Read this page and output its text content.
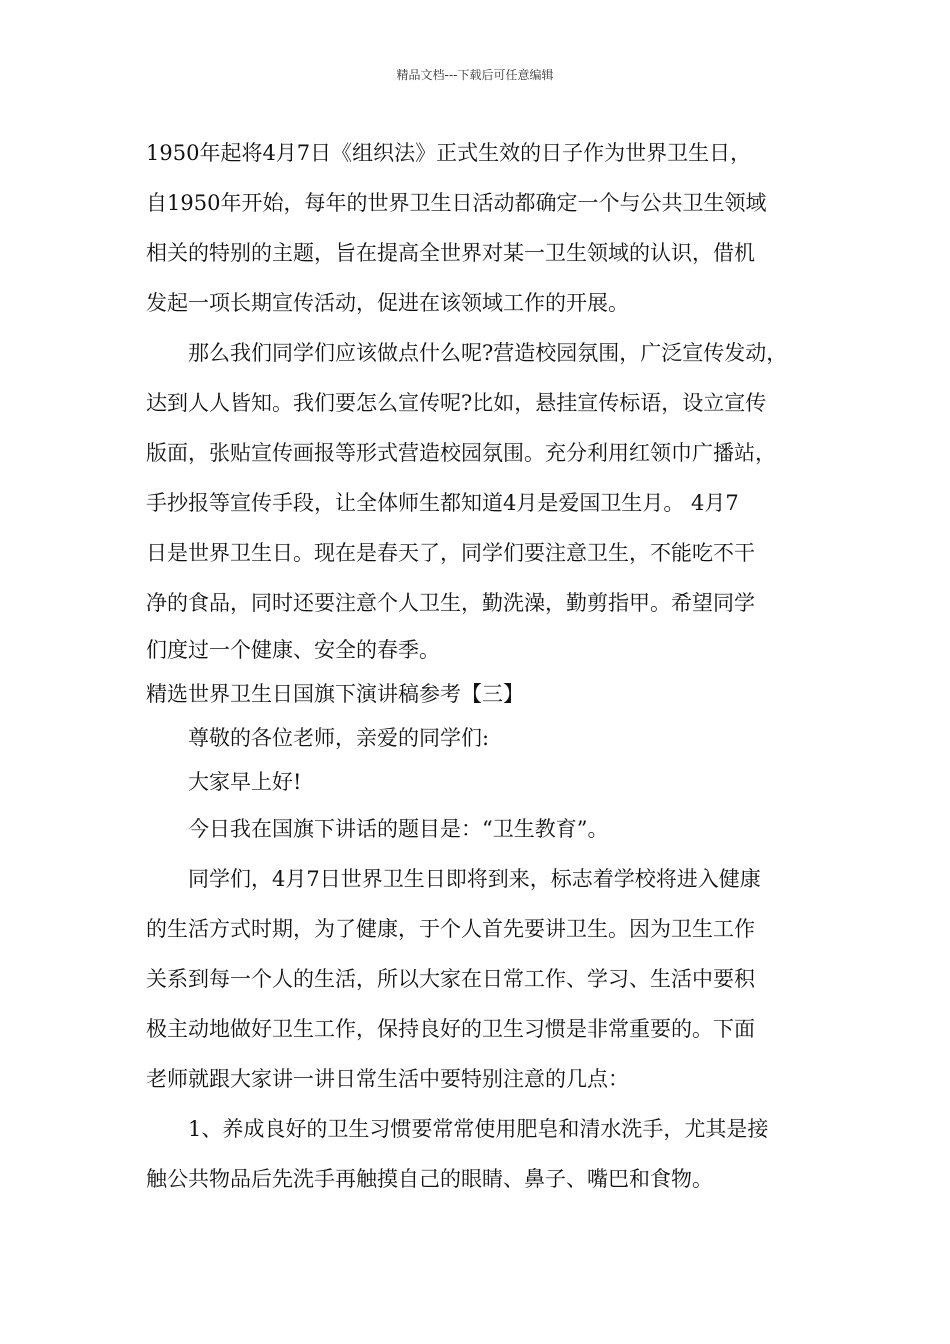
精品文档---下载后可任意编辑
1950年起将4月7日《组织法》正式生效的日子作为世界卫生日，
自1950年开始，每年的世界卫生日活动都确定一个与公共卫生领域
相关的特别的主题，旨在提高全世界对某一卫生领域的认识，借机
发起一项长期宣传活动，促进在该领域工作的开展。
那么我们同学们应该做点什么呢?营造校园氛围，广泛宣传发动，
达到人人皆知。我们要怎么宣传呢?比如，悬挂宣传标语，设立宣传
版面，张贴宣传画报等形式营造校园氛围。充分利用红领巾广播站，
手抄报等宣传手段，让全体师生都知道4月是爱国卫生月。 4月7
日是世界卫生日。现在是春天了，同学们要注意卫生，不能吃不干
净的食品，同时还要注意个人卫生，勤洗澡，勤剪指甲。希望同学
们度过一个健康、安全的春季。
精选世界卫生日国旗下演讲稿参考【三】
尊敬的各位老师，亲爱的同学们:
大家早上好!
今日我在国旗下讲话的题目是：“卫生教育”。
同学们，4月7日世界卫生日即将到来，标志着学校将进入健康
的生活方式时期，为了健康，于个人首先要讲卫生。因为卫生工作
关系到每一个人的生活，所以大家在日常工作、学习、生活中要积
极主动地做好卫生工作，保持良好的卫生习惯是非常重要的。下面
老师就跟大家讲一讲日常生活中要特别注意的几点：
1、养成良好的卫生习惯要常常使用肥皂和清水洗手，尤其是接
触公共物品后先洗手再触摸自己的眼睛、鼻子、嘴巴和食物。
